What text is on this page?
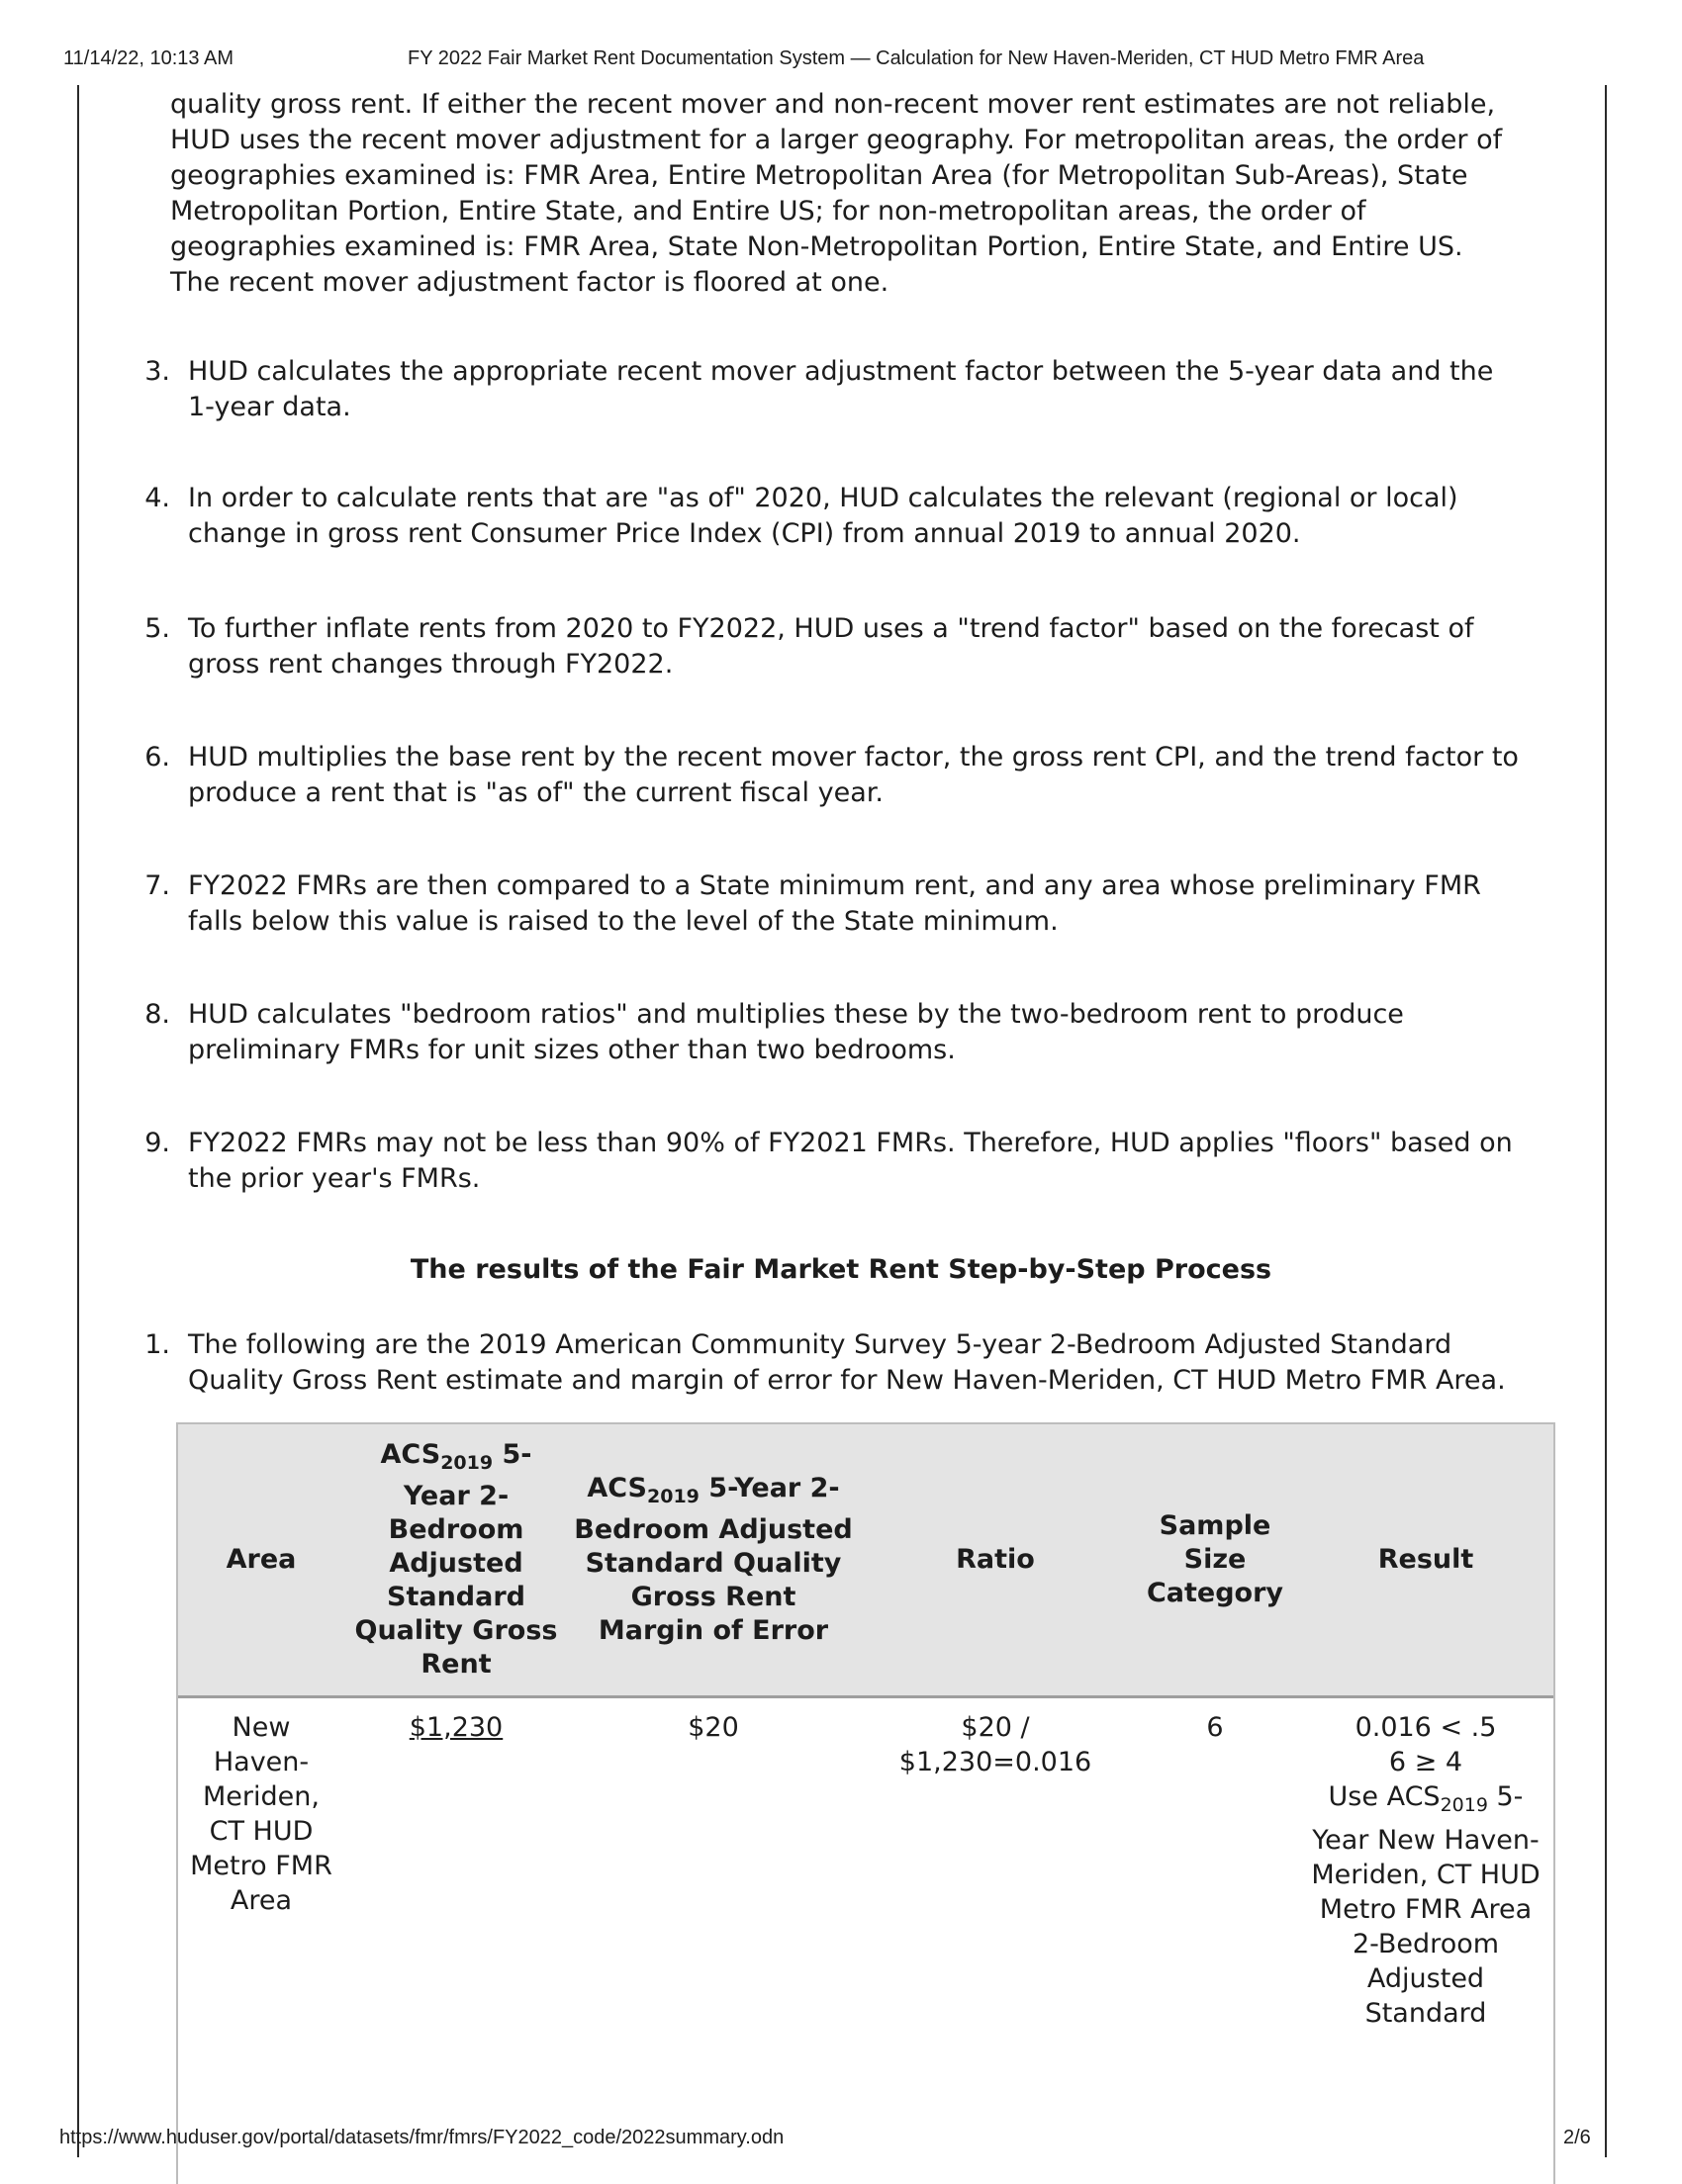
11/14/22, 10:13 AM	FY 2022 Fair Market Rent Documentation System — Calculation for New Haven-Meriden, CT HUD Metro FMR Area
quality gross rent. If either the recent mover and non-recent mover rent estimates are not reliable, HUD uses the recent mover adjustment for a larger geography. For metropolitan areas, the order of geographies examined is: FMR Area, Entire Metropolitan Area (for Metropolitan Sub-Areas), State Metropolitan Portion, Entire State, and Entire US; for non-metropolitan areas, the order of geographies examined is: FMR Area, State Non-Metropolitan Portion, Entire State, and Entire US. The recent mover adjustment factor is floored at one.
3. HUD calculates the appropriate recent mover adjustment factor between the 5-year data and the 1-year data.
4. In order to calculate rents that are "as of" 2020, HUD calculates the relevant (regional or local) change in gross rent Consumer Price Index (CPI) from annual 2019 to annual 2020.
5. To further inflate rents from 2020 to FY2022, HUD uses a "trend factor" based on the forecast of gross rent changes through FY2022.
6. HUD multiplies the base rent by the recent mover factor, the gross rent CPI, and the trend factor to produce a rent that is "as of" the current fiscal year.
7. FY2022 FMRs are then compared to a State minimum rent, and any area whose preliminary FMR falls below this value is raised to the level of the State minimum.
8. HUD calculates "bedroom ratios" and multiplies these by the two-bedroom rent to produce preliminary FMRs for unit sizes other than two bedrooms.
9. FY2022 FMRs may not be less than 90% of FY2021 FMRs. Therefore, HUD applies "floors" based on the prior year's FMRs.
The results of the Fair Market Rent Step-by-Step Process
1. The following are the 2019 American Community Survey 5-year 2-Bedroom Adjusted Standard Quality Gross Rent estimate and margin of error for New Haven-Meriden, CT HUD Metro FMR Area.
Area	$ACS_{2019}$ 5-Year 2-Bedroom Adjusted Standard Quality Gross Rent	$ACS_{2019}$ 5-Year 2-Bedroom Adjusted Standard Quality Gross Rent Margin of Error	Ratio	Sample Size Category	Result
New Haven-Meriden, CT HUD Metro FMR Area	$1,230	$20	$20 / $1,230=0.016	6	0.016 < .5
6 ≥ 4
Use $ACS_{2019}$ 5-Year New Haven-Meriden, CT HUD Metro FMR Area 2-Bedroom Adjusted Standard
https://www.huduser.gov/portal/datasets/fmr/fmrs/FY2022_code/2022summary.odn	2/6
